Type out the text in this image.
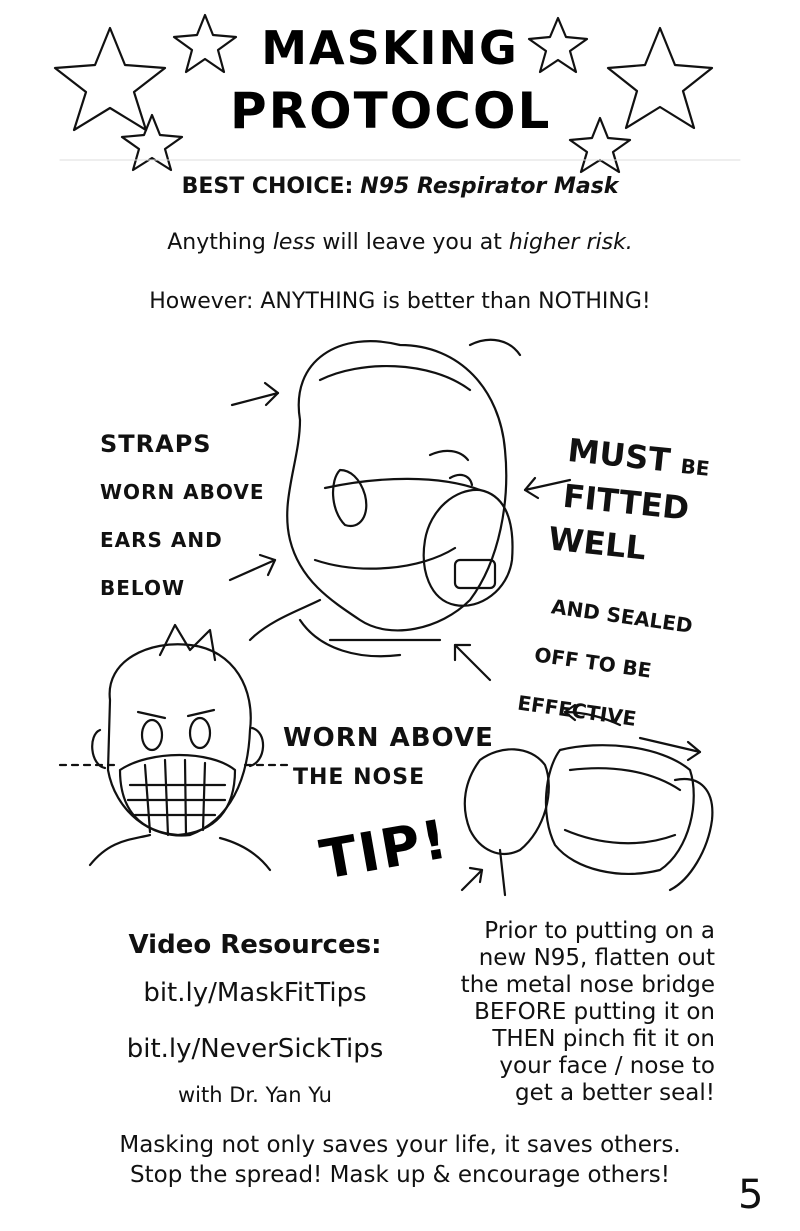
MASKING
PROTOCOL
BEST CHOICE: N95 Respirator Mask
Anything less will leave you at higher risk.
However: ANYTHING is better than NOTHING!
STRAPS
WORN ABOVE
EARS AND
BELOW
MUST BE
FITTED
WELL
AND SEALED
OFF TO BE
EFFECTIVE
WORN ABOVE
THE NOSE
TIP!
Video Resources:
bit.ly/MaskFitTips
bit.ly/NeverSickTips
with Dr. Yan Yu
Prior to putting on a
new N95, flatten out
the metal nose bridge
BEFORE putting it on
THEN pinch fit it on
your face / nose to
get a better seal!
Masking not only saves your life, it saves others.
Stop the spread! Mask up & encourage others!	5
